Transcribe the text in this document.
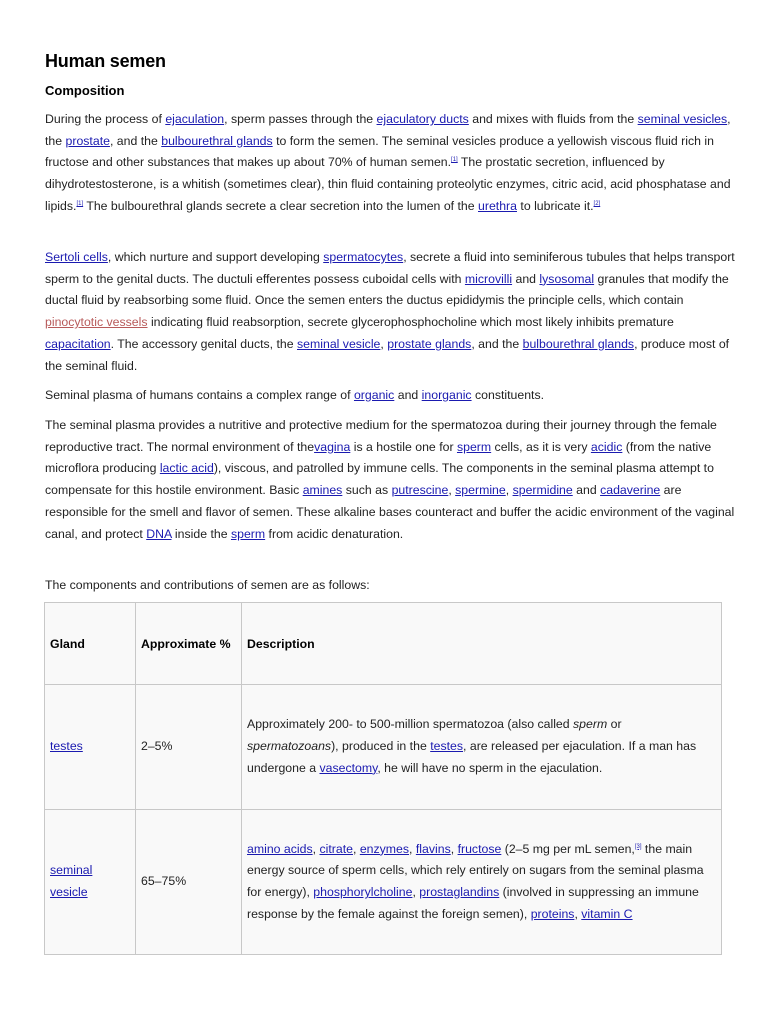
Human semen
Composition

During the process of ejaculation, sperm passes through the ejaculatory ducts and mixes with fluids from the seminal vesicles, the prostate, and the bulbourethral glands to form the semen. The seminal vesicles produce a yellowish viscous fluid rich in fructose and other substances that makes up about 70% of human semen.[1] The prostatic secretion, influenced by dihydrotestosterone, is a whitish (sometimes clear), thin fluid containing proteolytic enzymes, citric acid, acid phosphatase and lipids.[1] The bulbourethral glands secrete a clear secretion into the lumen of the urethra to lubricate it.[2]

Sertoli cells, which nurture and support developing spermatocytes, secrete a fluid into seminiferous tubules that helps transport sperm to the genital ducts. The ductuli efferentes possess cuboidal cells with microvilli and lysosomal granules that modify the ductal fluid by reabsorbing some fluid. Once the semen enters the ductus epididymis the principle cells, which contain pinocytotic vessels indicating fluid reabsorption, secrete glycerophosphocholine which most likely inhibits premature capacitation. The accessory genital ducts, the seminal vesicle, prostate glands, and the bulbourethral glands, produce most of the seminal fluid.

Seminal plasma of humans contains a complex range of organic and inorganic constituents.

The seminal plasma provides a nutritive and protective medium for the spermatozoa during their journey through the female reproductive tract. The normal environment of thevagina is a hostile one for sperm cells, as it is very acidic (from the native microflora producing lactic acid), viscous, and patrolled by immune cells. The components in the seminal plasma attempt to compensate for this hostile environment. Basic amines such as putrescine, spermine, spermidine and cadaverine are responsible for the smell and flavor of semen. These alkaline bases counteract and buffer the acidic environment of the vaginal canal, and protect DNA inside the sperm from acidic denaturation.

The components and contributions of semen are as follows:

Gland	Approximate %	Description
testes	2–5%	Approximately 200- to 500-million spermatozoa (also called sperm or spermatozoans), produced in the testes, are released per ejaculation. If a man has undergone a vasectomy, he will have no sperm in the ejaculation.
seminal vesicle	65–75%	amino acids, citrate, enzymes, flavins, fructose (2–5 mg per mL semen,[3] the main energy source of sperm cells, which rely entirely on sugars from the seminal plasma for energy), phosphorylcholine, prostaglandins (involved in suppressing an immune response by the female against the foreign semen), proteins, vitamin C
